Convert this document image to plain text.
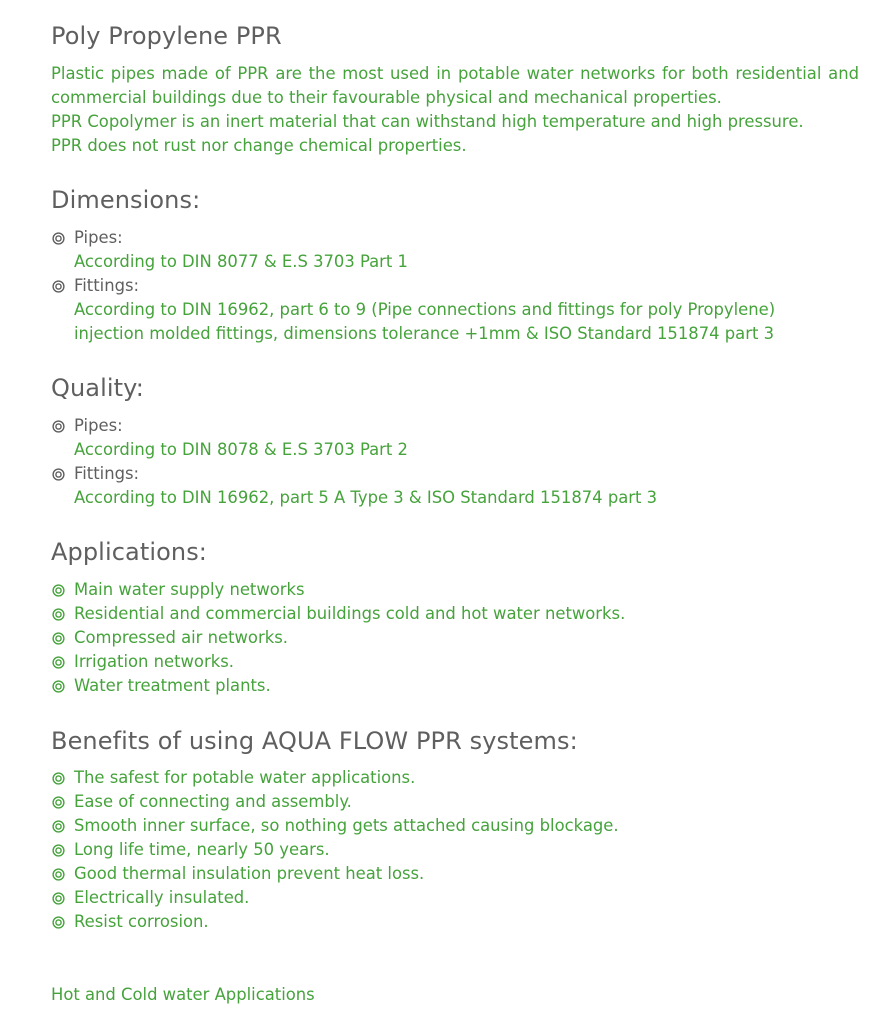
Poly Propylene PPR
Plastic pipes made of PPR are the most used in potable water networks for both residential and
commercial buildings due to their favourable physical and mechanical properties.
PPR Copolymer is an inert material that can withstand high temperature and high pressure.
PPR does not rust nor change chemical properties.
Dimensions:
Pipes:
According to DIN 8077 & E.S 3703 Part 1
Fittings:
According to DIN 16962, part 6 to 9 (Pipe connections and fittings for poly Propylene)
injection molded fittings, dimensions tolerance +1mm & ISO Standard 151874 part 3
Quality:
Pipes:
According to DIN 8078 & E.S 3703 Part 2
Fittings:
According to DIN 16962, part 5 A Type 3 & ISO Standard 151874 part 3
Applications:
Main water supply networks
Residential and commercial buildings cold and hot water networks.
Compressed air networks.
Irrigation networks.
Water treatment plants.
Benefits of using AQUA FLOW PPR systems:
The safest for potable water applications.
Ease of connecting and assembly.
Smooth inner surface, so nothing gets attached causing blockage.
Long life time, nearly 50 years.
Good thermal insulation prevent heat loss.
Electrically insulated.
Resist corrosion.
Hot and Cold water Applications
